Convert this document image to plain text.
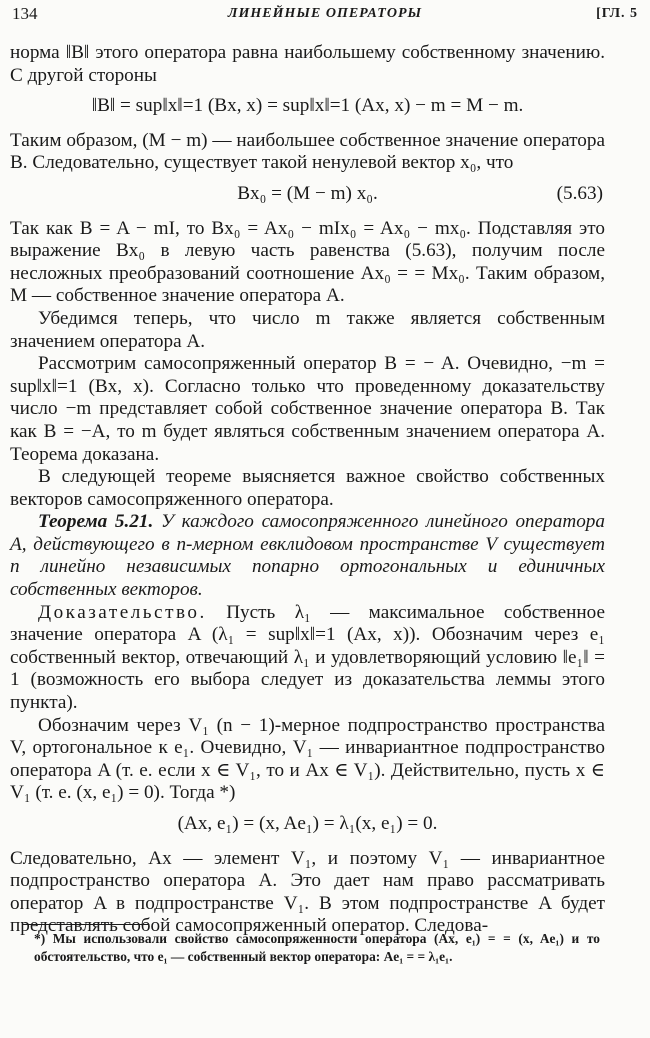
134	ЛИНЕЙНЫЕ ОПЕРАТОРЫ	[ГЛ. 5

норма ‖B‖ этого оператора равна наибольшему собственному значению. С другой стороны

‖B‖ = sup‖x‖=1 (Bx, x) = sup‖x‖=1 (Ax, x) − m = M − m.

Таким образом, (M − m) — наибольшее собственное значение оператора B. Следовательно, существует такой ненулевой вектор x₀, что

Bx₀ = (M − m) x₀.	(5.63)

Так как B = A − mI, то Bx₀ = Ax₀ − mIx₀ = Ax₀ − mx₀. Подставляя это выражение Bx₀ в левую часть равенства (5.63), получим после несложных преобразований соотношение Ax₀ = = Mx₀. Таким образом, M — собственное значение оператора A.

Убедимся теперь, что число m также является собственным значением оператора A.

Рассмотрим самосопряженный оператор B = − A. Очевидно, −m = sup‖x‖=1 (Bx, x). Согласно только что проведенному доказательству число −m представляет собой собственное значение оператора B. Так как B = −A, то m будет являться собственным значением оператора A. Теорема доказана.

В следующей теореме выясняется важное свойство собственных векторов самосопряженного оператора.

Теорема 5.21. У каждого самосопряженного линейного оператора A, действующего в n-мерном евклидовом пространстве V существует n линейно независимых попарно ортогональных и единичных собственных векторов.

Доказательство. Пусть λ₁ — максимальное собственное значение оператора A (λ₁ = sup‖x‖=1 (Ax, x)). Обозначим через e₁ собственный вектор, отвечающий λ₁ и удовлетворяющий условию ‖e₁‖ = 1 (возможность его выбора следует из доказательства леммы этого пункта).

Обозначим через V₁ (n − 1)-мерное подпространство пространства V, ортогональное к e₁. Очевидно, V₁ — инвариантное подпространство оператора A (т. е. если x ∈ V₁, то и Ax ∈ V₁). Действительно, пусть x ∈ V₁ (т. е. (x, e₁) = 0). Тогда *)

(Ax, e₁) = (x, Ae₁) = λ₁(x, e₁) = 0.

Следовательно, Ax — элемент V₁, и поэтому V₁ — инвариантное подпространство оператора A. Это дает нам право рассматривать оператор A в подпространстве V₁. В этом подпространстве A будет представлять собой самосопряженный оператор. Следова-

*) Мы использовали свойство самосопряженности оператора (Ax, e₁) = = (x, Ae₁) и то обстоятельство, что e₁ — собственный вектор оператора: Ae₁ = = λ₁e₁.
